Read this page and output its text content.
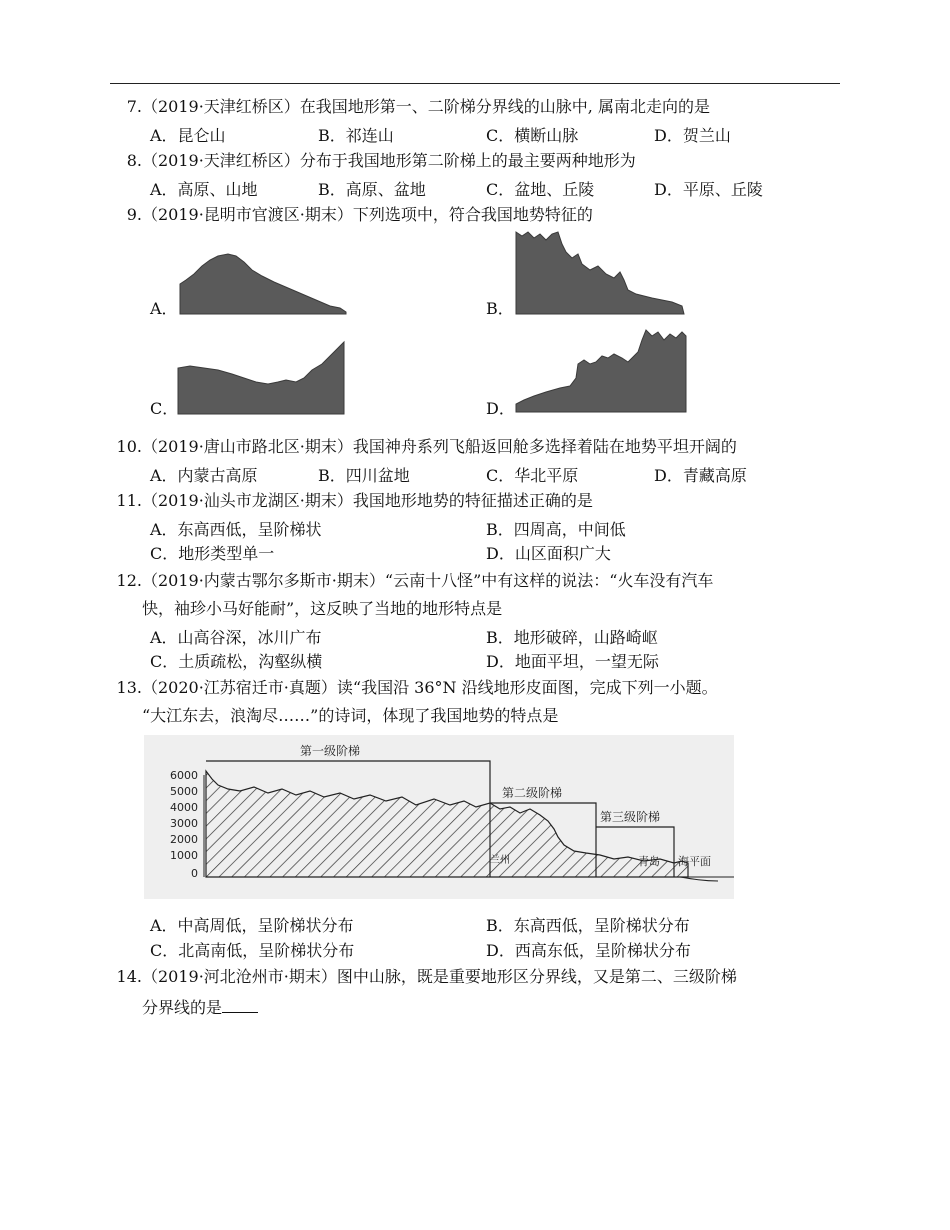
7.（2019·天津红桥区）在我国地形第一、二阶梯分界线的山脉中, 属南北走向的是
A．昆仑山	B．祁连山	C．横断山脉	D．贺兰山
8.（2019·天津红桥区）分布于我国地形第二阶梯上的最主要两种地形为
A．高原、山地	B．高原、盆地	C．盆地、丘陵	D．平原、丘陵
9.（2019·昆明市官渡区·期末）下列选项中，符合我国地势特征的
A．	B．
C．	D．
10.（2019·唐山市路北区·期末）我国神舟系列飞船返回舱多选择着陆在地势平坦开阔的
A．内蒙古高原	B．四川盆地	C．华北平原	D．青藏高原
11.（2019·汕头市龙湖区·期末）我国地形地势的特征描述正确的是
A．东高西低，呈阶梯状	B．四周高，中间低
C．地形类型单一	D．山区面积广大
12.（2019·内蒙古鄂尔多斯市·期末）“云南十八怪”中有这样的说法：“火车没有汽车
快，袖珍小马好能耐”，这反映了当地的地形特点是
A．山高谷深，冰川广布	B．地形破碎，山路崎岖
C．土质疏松，沟壑纵横	D．地面平坦，一望无际
13.（2020·江苏宿迁市·真题）读“我国沿 36°N 沿线地形皮面图，完成下列一小题。
“大江东去，浪淘尽……”的诗词，体现了我国地势的特点是
6000
5000
4000
3000
2000
1000
0
第一级阶梯
第二级阶梯
第三级阶梯
青岛 海平面
兰州
A．中高周低，呈阶梯状分布	B．东高西低，呈阶梯状分布
C．北高南低，呈阶梯状分布	D．西高东低，呈阶梯状分布
14.（2019·河北沧州市·期末）图中山脉，既是重要地形区分界线，又是第二、三级阶梯
分界线的是
